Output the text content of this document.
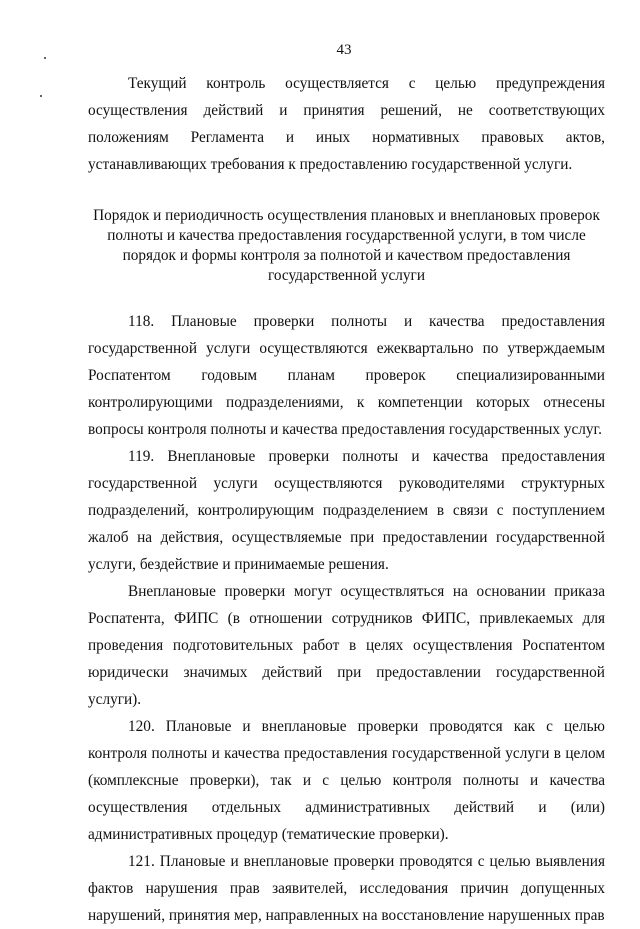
43

Текущий контроль осуществляется с целью предупреждения осуществления действий и принятия решений, не соответствующих положениям Регламента и иных нормативных правовых актов, устанавливающих требования к предоставлению государственной услуги.

Порядок и периодичность осуществления плановых и внеплановых проверок полноты и качества предоставления государственной услуги, в том числе порядок и формы контроля за полнотой и качеством предоставления государственной услуги

118. Плановые проверки полноты и качества предоставления государственной услуги осуществляются ежеквартально по утверждаемым Роспатентом годовым планам проверок специализированными контролирующими подразделениями, к компетенции которых отнесены вопросы контроля полноты и качества предоставления государственных услуг.

119. Внеплановые проверки полноты и качества предоставления государственной услуги осуществляются руководителями структурных подразделений, контролирующим подразделением в связи с поступлением жалоб на действия, осуществляемые при предоставлении государственной услуги, бездействие и принимаемые решения.

Внеплановые проверки могут осуществляться на основании приказа Роспатента, ФИПС (в отношении сотрудников ФИПС, привлекаемых для проведения подготовительных работ в целях осуществления Роспатентом юридически значимых действий при предоставлении государственной услуги).

120. Плановые и внеплановые проверки проводятся как с целью контроля полноты и качества предоставления государственной услуги в целом (комплексные проверки), так и с целью контроля полноты и качества осуществления отдельных административных действий и (или) административных процедур (тематические проверки).

121. Плановые и внеплановые проверки проводятся с целью выявления фактов нарушения прав заявителей, исследования причин допущенных нарушений, принятия мер, направленных на восстановление нарушенных прав
